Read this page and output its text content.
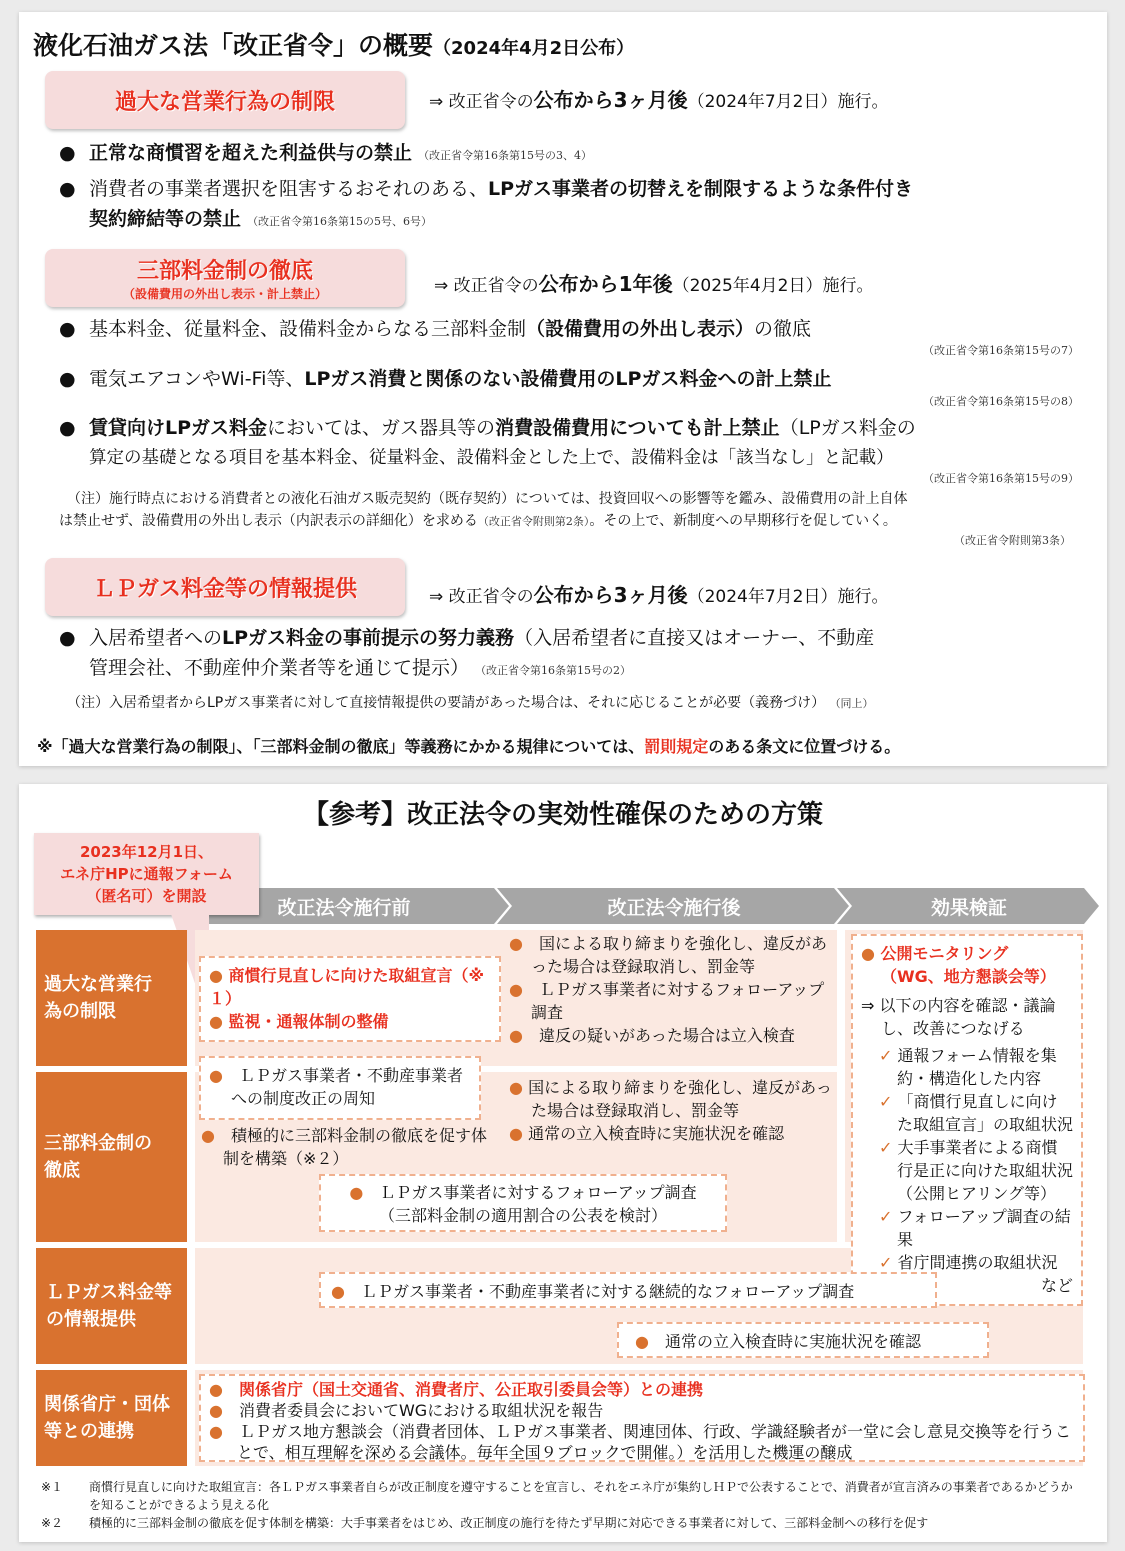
液化石油ガス法「改正省令」の概要（2024年4月2日公布）
過大な営業行為の制限	⇒ 改正省令の公布から3ヶ月後（2024年7月2日）施行。
● 正常な商慣習を超えた利益供与の禁止 （改正省令第16条第15号の3、4）
● 消費者の事業者選択を阻害するおそれのある、LPガス事業者の切替えを制限するような条件付き
契約締結等の禁止 （改正省令第16条第15の5号、6号）
三部料金制の徹底
（設備費用の外出し表示・計上禁止）	⇒ 改正省令の公布から1年後（2025年4月2日）施行。
● 基本料金、従量料金、設備料金からなる三部料金制（設備費用の外出し表示）の徹底
（改正省令第16条第15号の7）
● 電気エアコンやWi-Fi等、LPガス消費と関係のない設備費用のLPガス料金への計上禁止
（改正省令第16条第15号の8）
● 賃貸向けLPガス料金においては、ガス器具等の消費設備費用についても計上禁止（LPガス料金の
算定の基礎となる項目を基本料金、従量料金、設備料金とした上で、設備料金は「該当なし」と記載）
（改正省令第16条第15号の9）
（注）施行時点における消費者との液化石油ガス販売契約（既存契約）については、投資回収への影響等を鑑み、設備費用の計上自体
は禁止せず、設備費用の外出し表示（内訳表示の詳細化）を求める（改正省令附則第2条）。その上で、新制度への早期移行を促していく。
（改正省令附則第3条）
ＬＰガス料金等の情報提供	⇒ 改正省令の公布から3ヶ月後（2024年7月2日）施行。
● 入居希望者へのLPガス料金の事前提示の努力義務（入居希望者に直接又はオーナー、不動産
管理会社、不動産仲介業者等を通じて提示） （改正省令第16条第15号の2）
（注）入居希望者からLPガス事業者に対して直接情報提供の要請があった場合は、それに応じることが必要（義務づけ） （同上）
※「過大な営業行為の制限」、「三部料金制の徹底」等義務にかかる規律については、罰則規定のある条文に位置づける。
【参考】改正法令の実効性確保のための方策
改正法令施行前	改正法令施行後	効果検証
2023年12月1日、
エネ庁HPに通報フォーム
（匿名可）を開設
過大な営業行為の制限
三部料金制の徹底
ＬＰガス料金等の情報提供
関係省庁・団体等との連携
● 商慣行見直しに向けた取組宣言（※１）
● 監視・通報体制の整備
●　 国による取り締まりを強化し、違反があった場合は登録取消し、罰金等
●　 ＬＰガス事業者に対するフォローアップ調査
●　 違反の疑いがあった場合は立入検査
● 公開モニタリング
（WG、地方懇談会等）
⇒ 以下の内容を確認・議論し、改善につなげる
✓ 通報フォーム情報を集約・構造化した内容
✓ 「商慣行見直しに向けた取組宣言」の取組状況
✓ 大手事業者による商慣行是正に向けた取組状況（公開ヒアリング等）
✓ フォローアップ調査の結果
✓ 省庁間連携の取組状況
など
●　 ＬＰガス事業者・不動産事業者への制度改正の周知
●　 積極的に三部料金制の徹底を促す体制を構築（※２）
● 国による取り締まりを強化し、違反があった場合は登録取消し、罰金等
● 通常の立入検査時に実施状況を確認
●　 ＬＰガス事業者に対するフォローアップ調査
（三部料金制の適用割合の公表を検討）
●　 ＬＰガス事業者・不動産事業者に対する継続的なフォローアップ調査
●　 通常の立入検査時に実施状況を確認
●　 関係省庁（国土交通省、消費者庁、公正取引委員会等）との連携
●　 消費者委員会においてWGにおける取組状況を報告
●　 ＬＰガス地方懇談会（消費者団体、ＬＰガス事業者、関連団体、行政、学識経験者が一堂に会し意見交換等を行うことで、相互理解を深める会議体。毎年全国９ブロックで開催。）を活用した機運の醸成
※１ 商慣行見直しに向けた取組宣言：各ＬＰガス事業者自らが改正制度を遵守することを宣言し、それをエネ庁が集約しＨＰで公表することで、消費者が宣言済みの事業者であるかどうかを知ることができるよう見える化
※２ 積極的に三部料金制の徹底を促す体制を構築：大手事業者をはじめ、改正制度の施行を待たず早期に対応できる事業者に対して、三部料金制への移行を促す
